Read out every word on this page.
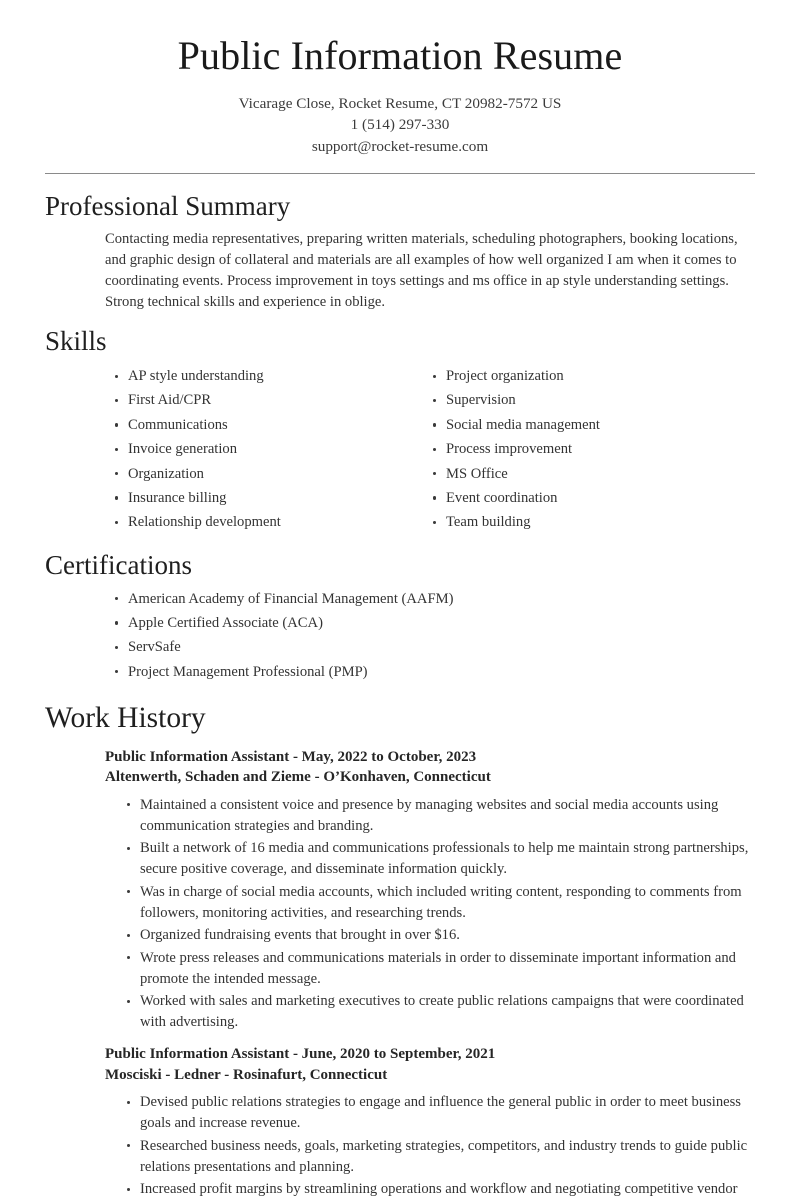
Public Information Resume

Vicarage Close, Rocket Resume, CT 20982-7572 US

1 (514) 297-330

support@rocket-resume.com

Professional Summary

Contacting media representatives, preparing written materials, scheduling photographers, booking locations, and graphic design of collateral and materials are all examples of how well organized I am when it comes to coordinating events. Process improvement in toys settings and ms office in ap style understanding settings. Strong technical skills and experience in oblige.

Skills
AP style understanding
First Aid/CPR
Communications
Invoice generation
Organization
Insurance billing
Relationship development
Project organization
Supervision
Social media management
Process improvement
MS Office
Event coordination
Team building
Certifications
American Academy of Financial Management (AAFM)
Apple Certified Associate (ACA)
ServSafe
Project Management Professional (PMP)
Work History

Public Information Assistant - May, 2022 to October, 2023

Altenwerth, Schaden and Zieme - O’Konhaven, Connecticut

Maintained a consistent voice and presence by managing websites and social media accounts using communication strategies and branding.
Built a network of 16 media and communications professionals to help me maintain strong partnerships, secure positive coverage, and disseminate information quickly.
Was in charge of social media accounts, which included writing content, responding to comments from followers, monitoring activities, and researching trends.
Organized fundraising events that brought in over $16.
Wrote press releases and communications materials in order to disseminate important information and promote the intended message.
Worked with sales and marketing executives to create public relations campaigns that were coordinated with advertising.

Public Information Assistant - June, 2020 to September, 2021

Mosciski - Ledner - Rosinafurt, Connecticut

Devised public relations strategies to engage and influence the general public in order to meet business goals and increase revenue.
Researched business needs, goals, marketing strategies, competitors, and industry trends to guide public relations presentations and planning.
Increased profit margins by streamlining operations and workflow and negotiating competitive vendor
